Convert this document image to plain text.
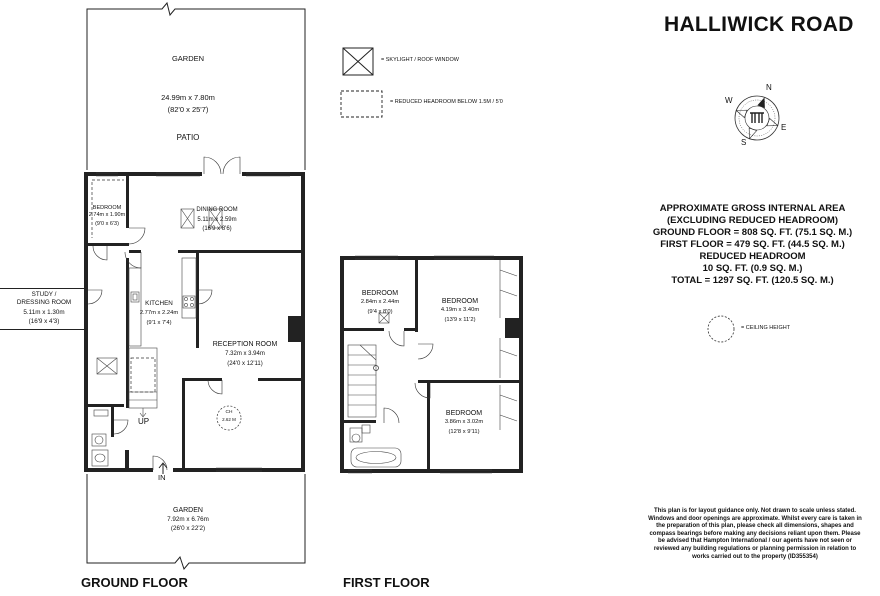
HALLIWICK ROAD
= SKYLIGHT / ROOF WINDOW
= REDUCED HEADROOM BELOW 1.5M / 5'0
= CEILING HEIGHT
N
E
S
W
APPROXIMATE GROSS INTERNAL AREA
(EXCLUDING REDUCED HEADROOM)
GROUND FLOOR = 808 SQ. FT. (75.1 SQ. M.)
FIRST FLOOR = 479 SQ. FT. (44.5 SQ. M.)
REDUCED HEADROOM
10 SQ. FT. (0.9 SQ. M.)
TOTAL = 1297 SQ. FT. (120.5 SQ. M.)
This plan is for layout guidance only. Not drawn to scale unless stated. Windows and door openings are approximate. Whilst every care is taken in the preparation of this plan, please check all dimensions, shapes and compass bearings before making any decisions reliant upon them. Please be advised that Hampton International / our agents have not seen or reviewed any building regulations or planning permission in relation to works carried out to the property (ID355354)
GROUND FLOOR	FIRST FLOOR
GARDEN
24.99m x 7.80m
(82'0 x 25'7)
PATIO
BEDROOM
2.74m x 1.90m
(9'0 x 6'3)
DINING ROOM
5.11m x 2.59m
(16'9 x 8'6)
STUDY /
DRESSING ROOM
5.11m x 1.30m
(16'9 x 4'3)
KITCHEN
2.77m x 2.24m
(9'1 x 7'4)
RECEPTION ROOM
7.32m x 3.94m
(24'0 x 12'11)
CH
2.62 M
UP
IN
GARDEN
7.92m x 6.76m
(26'0 x 22'2)
BEDROOM
2.84m x 2.44m
(9'4 x 8'0)
BEDROOM
4.19m x 3.40m
(13'9 x 11'2)
BEDROOM
3.86m x 3.02m
(12'8 x 9'11)
